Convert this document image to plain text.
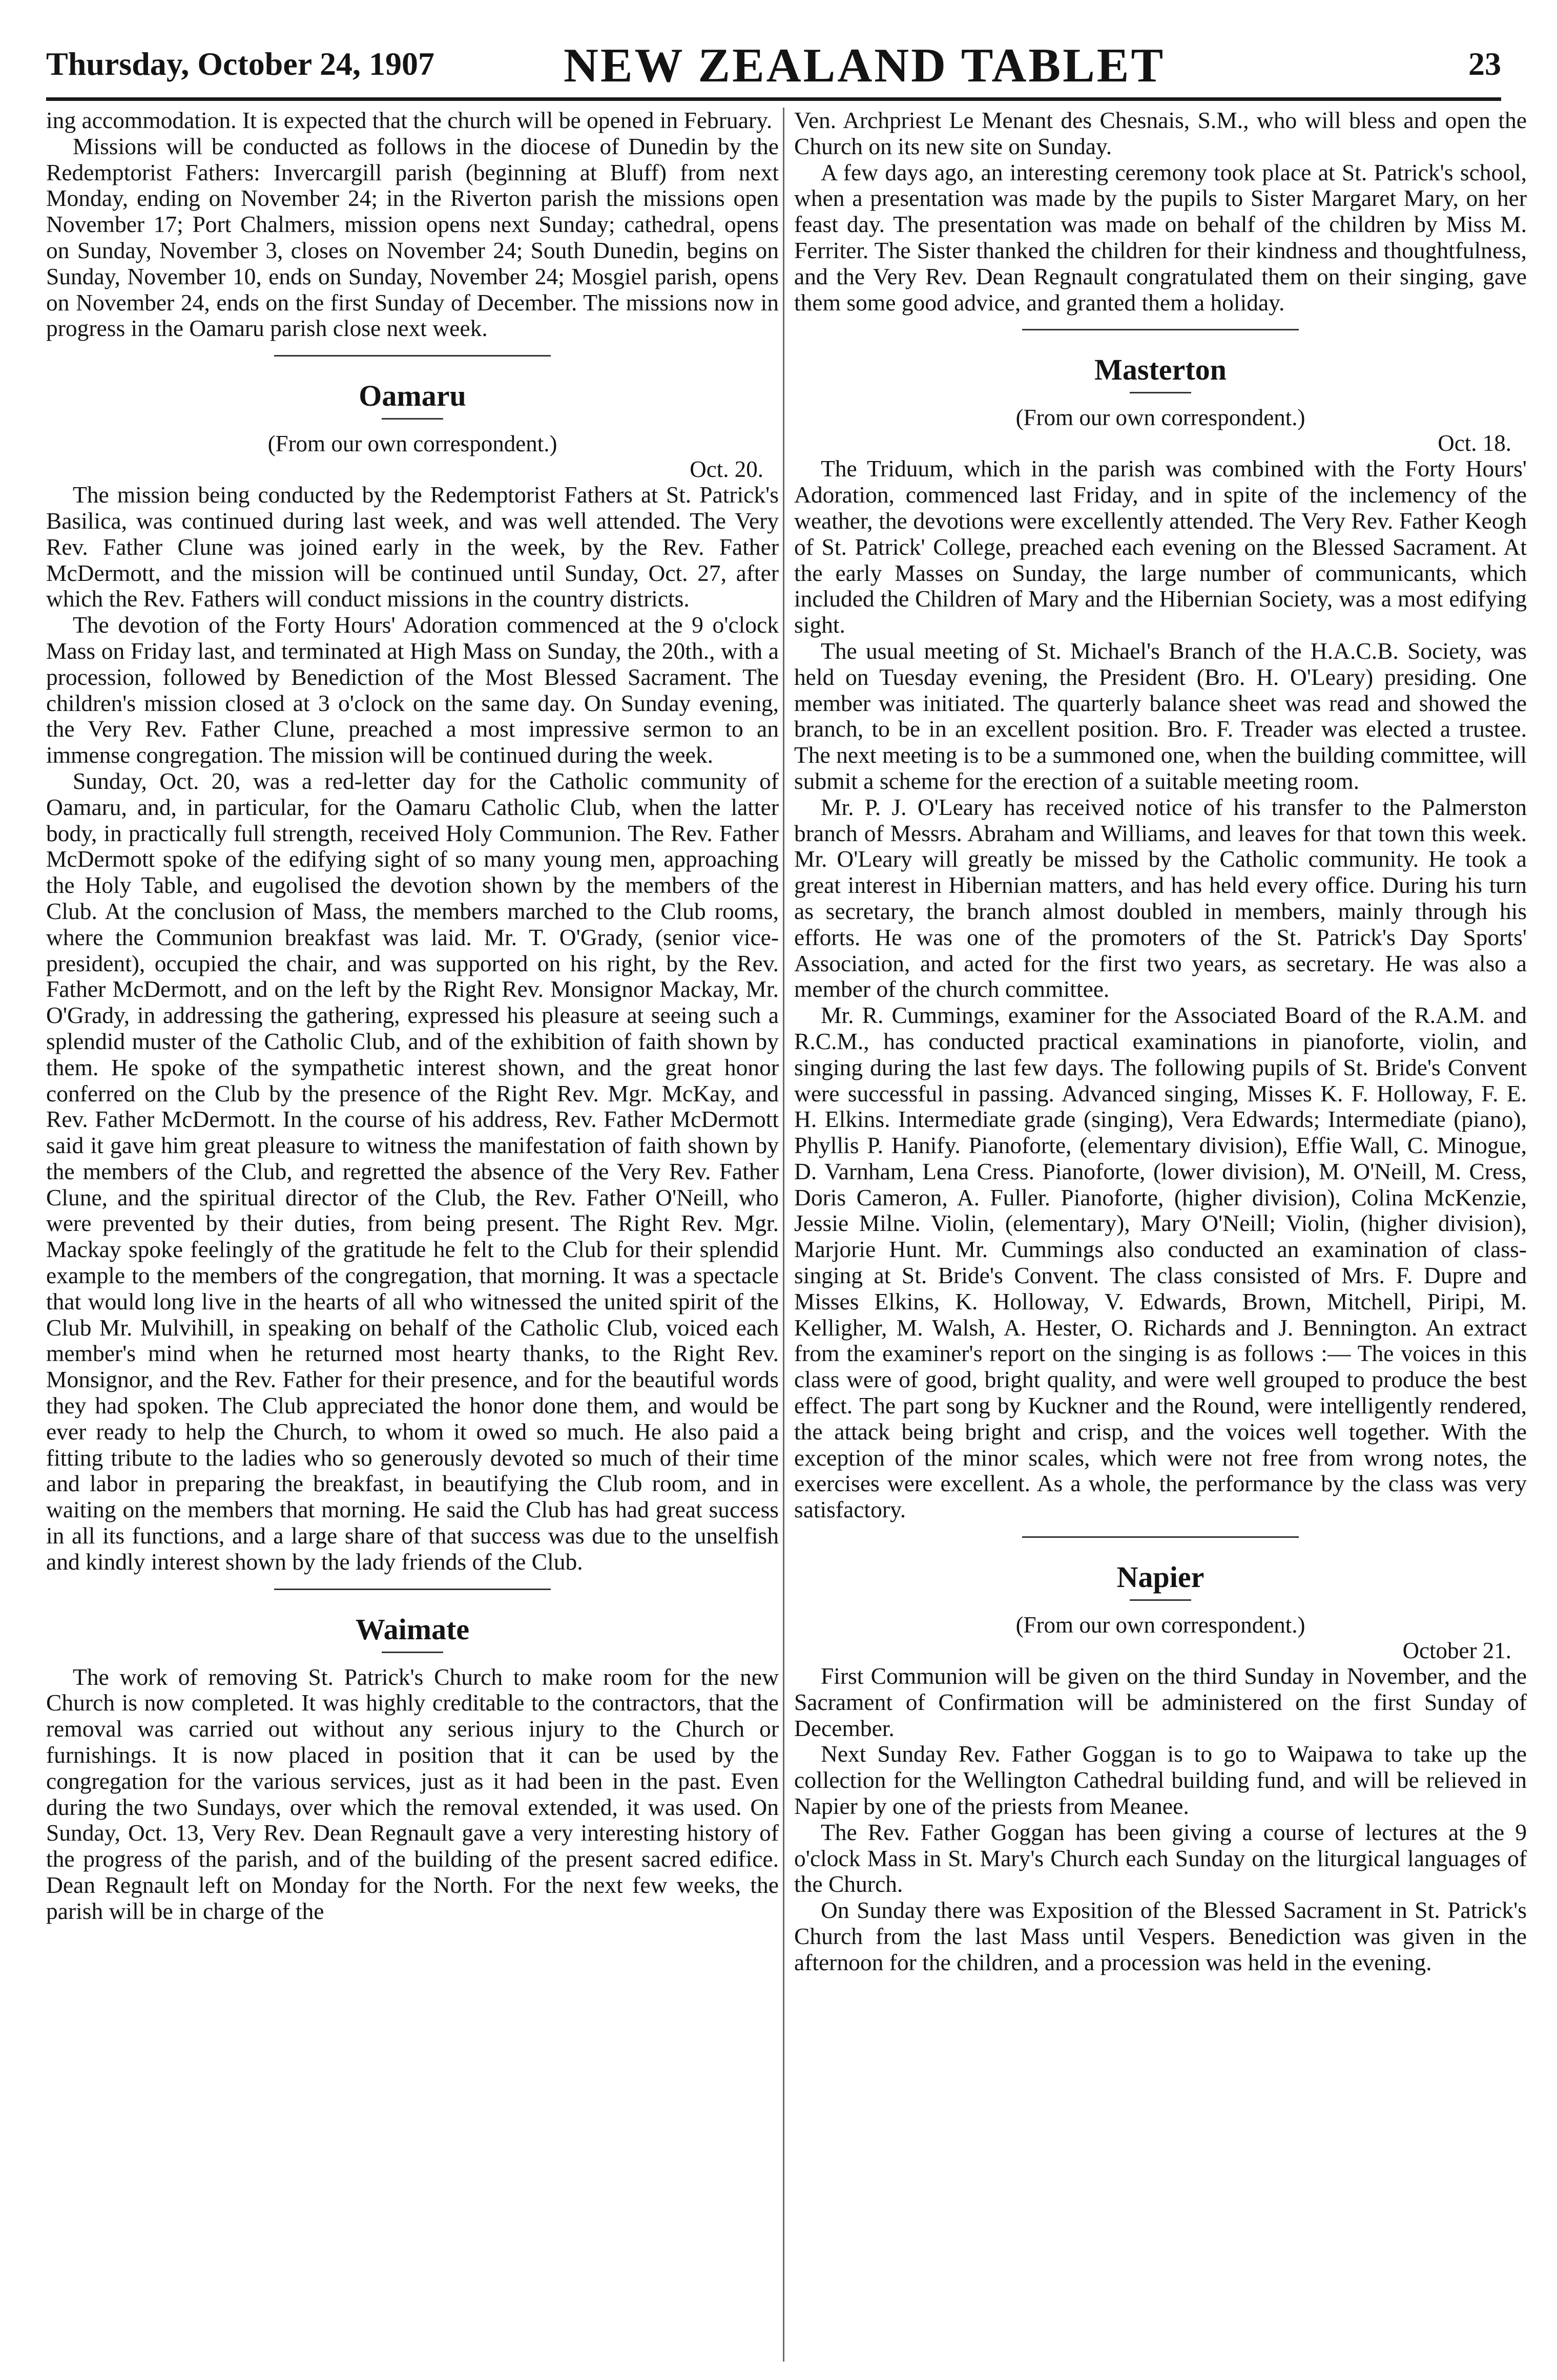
Thursday, October 24, 1907	NEW ZEALAND TABLET	23

ing accommodation. It is expected that the church will be opened in February.

Missions will be conducted as follows in the diocese of Dunedin by the Redemptorist Fathers: Invercargill parish (beginning at Bluff) from next Monday, ending on November 24; in the Riverton parish the missions open November 17; Port Chalmers, mission opens next Sunday; cathedral, opens on Sunday, November 3, closes on November 24; South Dunedin, begins on Sunday, November 10, ends on Sunday, November 24; Mosgiel parish, opens on November 24, ends on the first Sunday of December. The missions now in progress in the Oamaru parish close next week.

Oamaru
(From our own correspondent.)
Oct. 20.

The mission being conducted by the Redemptorist Fathers at St. Patrick's Basilica, was continued during last week, and was well attended. The Very Rev. Father Clune was joined early in the week, by the Rev. Father McDermott, and the mission will be continued until Sunday, Oct. 27, after which the Rev. Fathers will conduct missions in the country districts.

The devotion of the Forty Hours' Adoration commenced at the 9 o'clock Mass on Friday last, and terminated at High Mass on Sunday, the 20th., with a procession, followed by Benediction of the Most Blessed Sacrament. The children's mission closed at 3 o'clock on the same day. On Sunday evening, the Very Rev. Father Clune, preached a most impressive sermon to an immense congregation. The mission will be continued during the week.

Sunday, Oct. 20, was a red-letter day for the Catholic community of Oamaru, and, in particular, for the Oamaru Catholic Club, when the latter body, in practically full strength, received Holy Communion. The Rev. Father McDermott spoke of the edifying sight of so many young men, approaching the Holy Table, and eugolised the devotion shown by the members of the Club. At the conclusion of Mass, the members marched to the Club rooms, where the Communion breakfast was laid. Mr. T. O'Grady, (senior vice-president), occupied the chair, and was supported on his right, by the Rev. Father McDermott, and on the left by the Right Rev. Monsignor Mackay, Mr. O'Grady, in addressing the gathering, expressed his pleasure at seeing such a splendid muster of the Catholic Club, and of the exhibition of faith shown by them. He spoke of the sympathetic interest shown, and the great honor conferred on the Club by the presence of the Right Rev. Mgr. McKay, and Rev. Father McDermott. In the course of his address, Rev. Father McDermott said it gave him great pleasure to witness the manifestation of faith shown by the members of the Club, and regretted the absence of the Very Rev. Father Clune, and the spiritual director of the Club, the Rev. Father O'Neill, who were prevented by their duties, from being present. The Right Rev. Mgr. Mackay spoke feelingly of the gratitude he felt to the Club for their splendid example to the members of the congregation, that morning. It was a spectacle that would long live in the hearts of all who witnessed the united spirit of the Club Mr. Mulvihill, in speaking on behalf of the Catholic Club, voiced each member's mind when he returned most hearty thanks, to the Right Rev. Monsignor, and the Rev. Father for their presence, and for the beautiful words they had spoken. The Club appreciated the honor done them, and would be ever ready to help the Church, to whom it owed so much. He also paid a fitting tribute to the ladies who so generously devoted so much of their time and labor in preparing the breakfast, in beautifying the Club room, and in waiting on the members that morning. He said the Club has had great success in all its functions, and a large share of that success was due to the unselfish and kindly interest shown by the lady friends of the Club.

Waimate

The work of removing St. Patrick's Church to make room for the new Church is now completed. It was highly creditable to the contractors, that the removal was carried out without any serious injury to the Church or furnishings. It is now placed in position that it can be used by the congregation for the various services, just as it had been in the past. Even during the two Sundays, over which the removal extended, it was used. On Sunday, Oct. 13, Very Rev. Dean Regnault gave a very interesting history of the progress of the parish, and of the building of the present sacred edifice. Dean Regnault left on Monday for the North. For the next few weeks, the parish will be in charge of the

Ven. Archpriest Le Menant des Chesnais, S.M., who will bless and open the Church on its new site on Sunday.

A few days ago, an interesting ceremony took place at St. Patrick's school, when a presentation was made by the pupils to Sister Margaret Mary, on her feast day. The presentation was made on behalf of the children by Miss M. Ferriter. The Sister thanked the children for their kindness and thoughtfulness, and the Very Rev. Dean Regnault congratulated them on their singing, gave them some good advice, and granted them a holiday.

Masterton
(From our own correspondent.)
Oct. 18.

The Triduum, which in the parish was combined with the Forty Hours' Adoration, commenced last Friday, and in spite of the inclemency of the weather, the devotions were excellently attended. The Very Rev. Father Keogh of St. Patrick' College, preached each evening on the Blessed Sacrament. At the early Masses on Sunday, the large number of communicants, which included the Children of Mary and the Hibernian Society, was a most edifying sight.

The usual meeting of St. Michael's Branch of the H.A.C.B. Society, was held on Tuesday evening, the President (Bro. H. O'Leary) presiding. One member was initiated. The quarterly balance sheet was read and showed the branch, to be in an excellent position. Bro. F. Treader was elected a trustee. The next meeting is to be a summoned one, when the building committee, will submit a scheme for the erection of a suitable meeting room.

Mr. P. J. O'Leary has received notice of his transfer to the Palmerston branch of Messrs. Abraham and Williams, and leaves for that town this week. Mr. O'Leary will greatly be missed by the Catholic community. He took a great interest in Hibernian matters, and has held every office. During his turn as secretary, the branch almost doubled in members, mainly through his efforts. He was one of the promoters of the St. Patrick's Day Sports' Association, and acted for the first two years, as secretary. He was also a member of the church committee.

Mr. R. Cummings, examiner for the Associated Board of the R.A.M. and R.C.M., has conducted practical examinations in pianoforte, violin, and singing during the last few days. The following pupils of St. Bride's Convent were successful in passing. Advanced singing, Misses K. F. Holloway, F. E. H. Elkins. Intermediate grade (singing), Vera Edwards; Intermediate (piano), Phyllis P. Hanify. Pianoforte, (elementary division), Effie Wall, C. Minogue, D. Varnham, Lena Cress. Pianoforte, (lower division), M. O'Neill, M. Cress, Doris Cameron, A. Fuller. Pianoforte, (higher division), Colina McKenzie, Jessie Milne. Violin, (elementary), Mary O'Neill; Violin, (higher division), Marjorie Hunt. Mr. Cummings also conducted an examination of class-singing at St. Bride's Convent. The class consisted of Mrs. F. Dupre and Misses Elkins, K. Holloway, V. Edwards, Brown, Mitchell, Piripi, M. Kelligher, M. Walsh, A. Hester, O. Richards and J. Bennington. An extract from the examiner's report on the singing is as follows :— The voices in this class were of good, bright quality, and were well grouped to produce the best effect. The part song by Kuckner and the Round, were intelligently rendered, the attack being bright and crisp, and the voices well together. With the exception of the minor scales, which were not free from wrong notes, the exercises were excellent. As a whole, the performance by the class was very satisfactory.

Napier
(From our own correspondent.)
October 21.

First Communion will be given on the third Sunday in November, and the Sacrament of Confirmation will be administered on the first Sunday of December.

Next Sunday Rev. Father Goggan is to go to Waipawa to take up the collection for the Wellington Cathedral building fund, and will be relieved in Napier by one of the priests from Meanee.

The Rev. Father Goggan has been giving a course of lectures at the 9 o'clock Mass in St. Mary's Church each Sunday on the liturgical languages of the Church.

On Sunday there was Exposition of the Blessed Sacrament in St. Patrick's Church from the last Mass until Vespers. Benediction was given in the afternoon for the children, and a procession was held in the evening.
